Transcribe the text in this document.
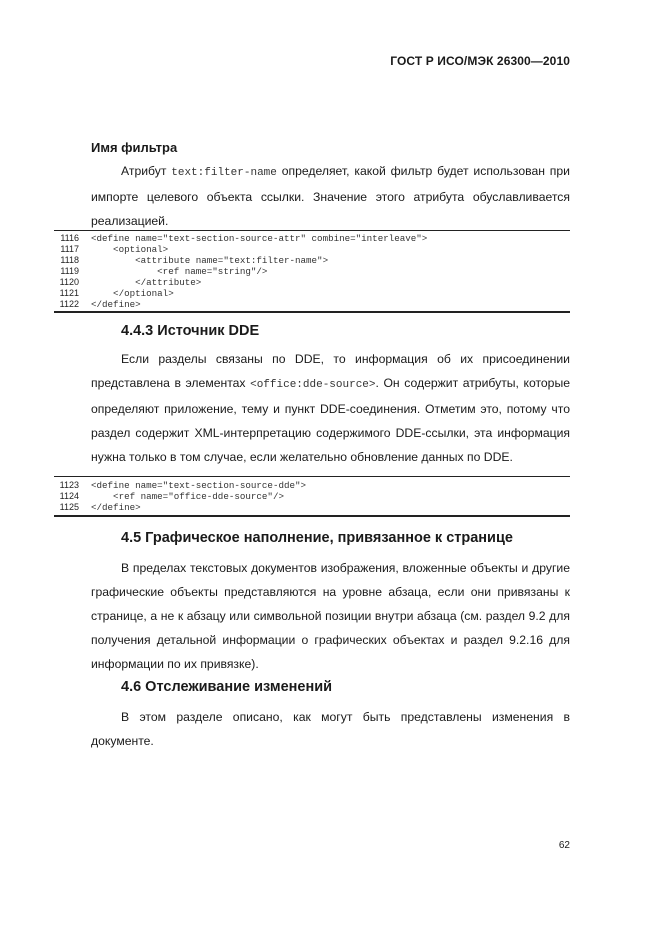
ГОСТ Р ИСО/МЭК 26300—2010
Имя фильтра

Атрибут text:filter-name определяет, какой фильтр будет использован при импорте целевого объекта ссылки. Значение этого атрибута обуславливается реализацией.

1116 <define name="text-section-source-attr" combine="interleave">
1117 <optional>
1118 <attribute name="text:filter-name">
1119 <ref name="string"/>
1120 </attribute>
1121 </optional>
1122 </define>
4.4.3 Источник DDE

Если разделы связаны по DDE, то информация об их присоединении представлена в элементах <office:dde-source>. Он содержит атрибуты, которые определяют приложение, тему и пункт DDE-соединения. Отметим это, потому что раздел содержит XML-интерпретацию содержимого DDE-ссылки, эта информация нужна только в том случае, если желательно обновление данных по DDE.

1123 <define name="text-section-source-dde">
1124 <ref name="office-dde-source"/>
1125 </define>
4.5 Графическое наполнение, привязанное к странице

В пределах текстовых документов изображения, вложенные объекты и другие графические объекты представляются на уровне абзаца, если они привязаны к странице, а не к абзацу или символьной позиции внутри абзаца (см. раздел 9.2 для получения детальной информации о графических объектах и раздел 9.2.16 для информации по их привязке).

4.6 Отслеживание изменений

В этом разделе описано, как могут быть представлены изменения в документе.

62
